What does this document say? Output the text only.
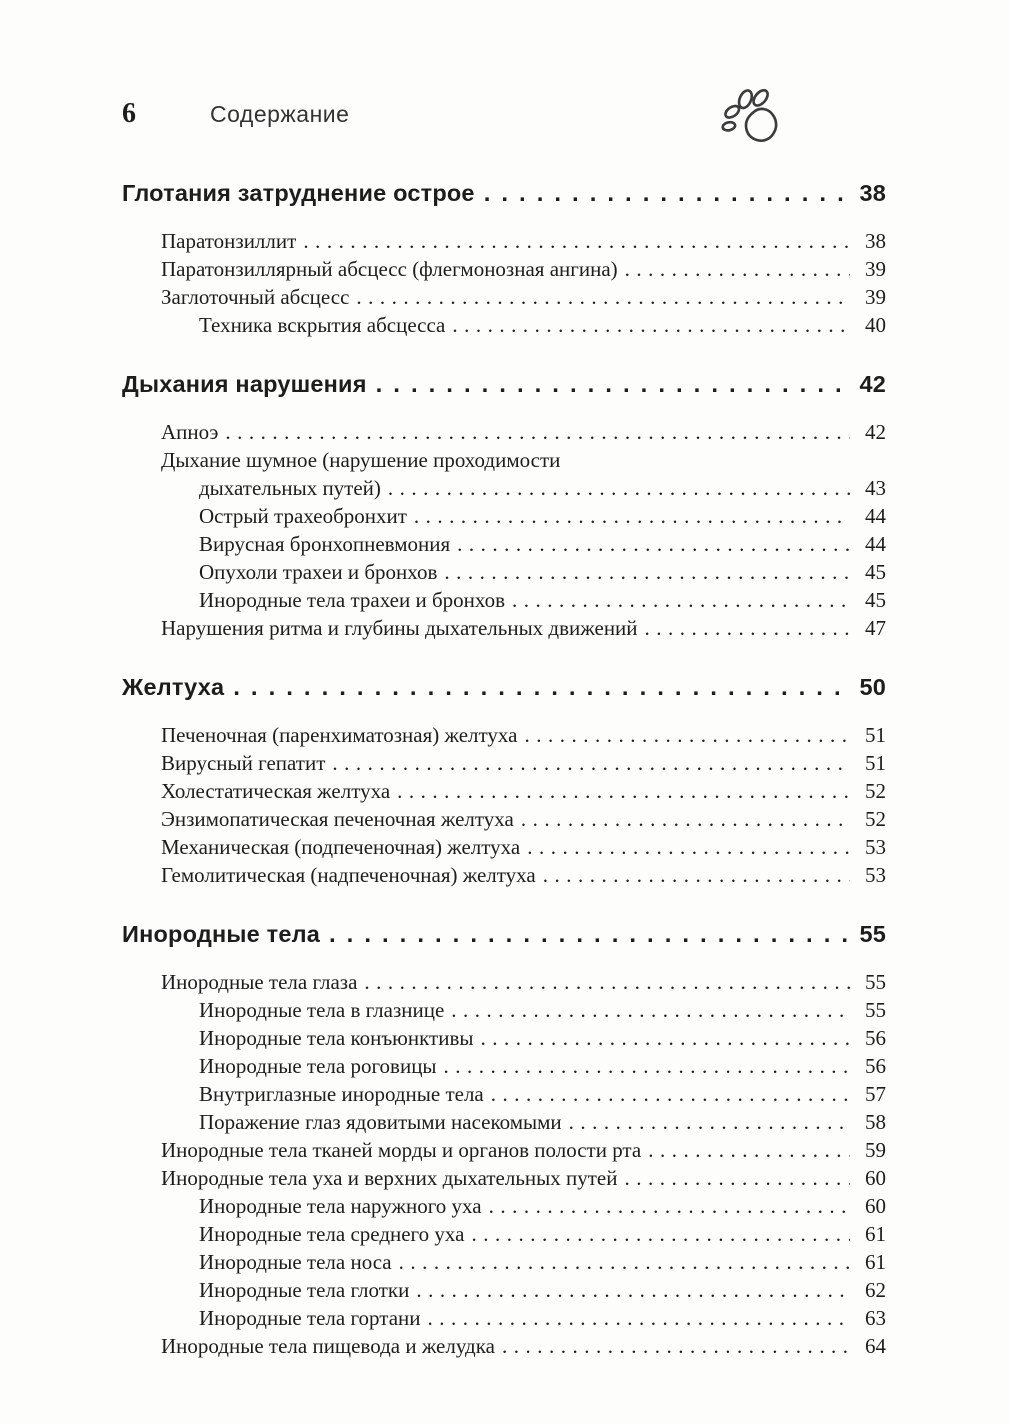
6	Содержание
Глотания затруднение острое .....	38
Паратонзиллит .....	38
Паратонзиллярный абсцесс (флегмонозная ангина) .....	39
Заглоточный абсцесс .....	39
Техника вскрытия абсцесса .....	40
Дыхания нарушения .....	42
Апноэ .....	42
Дыхание шумное (нарушение проходимости
дыхательных путей) .....	43
Острый трахеобронхит .....	44
Вирусная бронхопневмония .....	44
Опухоли трахеи и бронхов .....	45
Инородные тела трахеи и бронхов .....	45
Нарушения ритма и глубины дыхательных движений .....	47
Желтуха .....	50
Печеночная (паренхиматозная) желтуха .....	51
Вирусный гепатит .....	51
Холестатическая желтуха .....	52
Энзимопатическая печеночная желтуха .....	52
Механическая (подпеченочная) желтуха .....	53
Гемолитическая (надпеченочная) желтуха .....	53
Инородные тела .....	55
Инородные тела глаза .....	55
Инородные тела в глазнице .....	55
Инородные тела конъюнктивы .....	56
Инородные тела роговицы .....	56
Внутриглазные инородные тела .....	57
Поражение глаз ядовитыми насекомыми .....	58
Инородные тела тканей морды и органов полости рта .....	59
Инородные тела уха и верхних дыхательных путей .....	60
Инородные тела наружного уха .....	60
Инородные тела среднего уха .....	61
Инородные тела носа .....	61
Инородные тела глотки .....	62
Инородные тела гортани .....	63
Инородные тела пищевода и желудка .....	64
